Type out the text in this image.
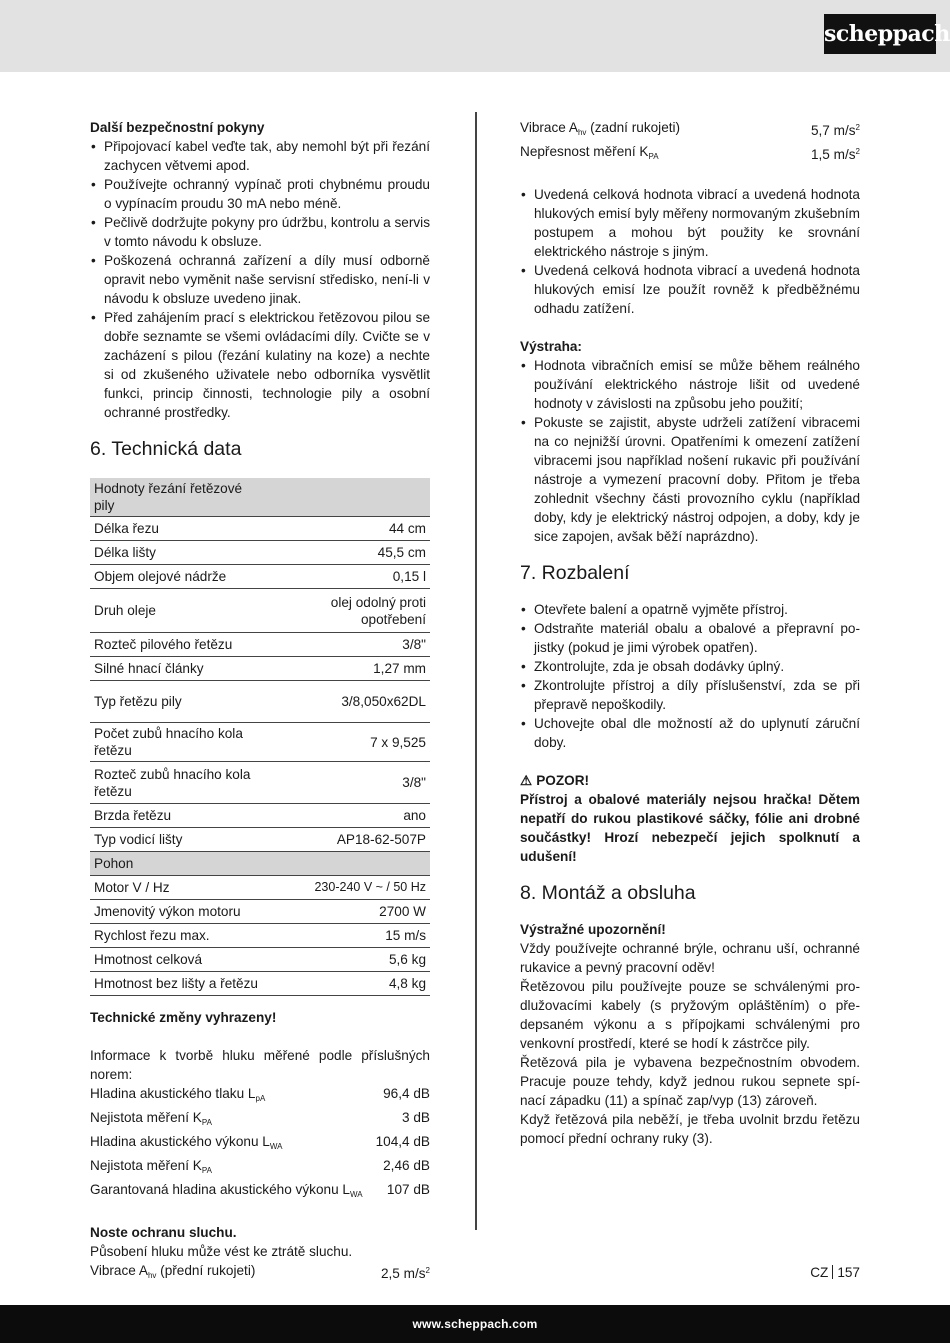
scheppach

Další bezpečnostní pokyny

• Připojovací kabel veďte tak, aby nemohl být při řezání zachycen větvemi apod.
• Používejte ochranný vypínač proti chybnému proudu o vypínacím proudu 30 mA nebo méně.
• Pečlivě dodržujte pokyny pro údržbu, kontrolu a servis v tomto návodu k obsluze.
• Poškozená ochranná zařízení a díly musí odborně opravit nebo vyměnit naše servisní středisko, není-li v návodu k obsluze uvedeno jinak.
• Před zahájením prací s elektrickou řetězovou pilou se dobře seznamte se všemi ovládacími díly. Cvičte se v zacházení s pilou (řezání kulatiny na koze) a nechte si od zkušeného uživatele nebo odborníka vysvětlit funkci, princip činnosti, technologie pily a osobní ochranné prostředky.
6. Technická data
Hodnoty řezání řetězové pily	
Délka řezu	44 cm
Délka lišty	45,5 cm
Objem olejové nádrže	0,15 l
Druh oleje	olej odolný proti opotřebení
Rozteč pilového řetězu	3/8"
Silné hnací články	1,27 mm
Typ řetězu pily	3/8,050x62DL
Počet zubů hnacího kola řetězu	7 x 9,525
Rozteč zubů hnacího kola řetězu	3/8"
Brzda řetězu	ano
Typ vodicí lišty	AP18-62-507P
Pohon	
Motor V / Hz	230-240 V ~ / 50 Hz
Jmenovitý výkon motoru	2700 W
Rychlost řezu max.	15 m/s
Hmotnost celková	5,6 kg
Hmotnost bez lišty a řetězu	4,8 kg

Technické změny vyhrazeny!

Informace k tvorbě hluku měřené podle příslušných norem:

Hladina akustického tlaku $L_{pA}$	96,4 dB
Nejistota měření $K_{PA}$	3 dB
Hladina akustického výkonu $L_{WA}$	104,4 dB
Nejistota měření $K_{PA}$	2,46 dB
Garantovaná hladina akustického výkonu $L_{WA}$ 107 dB

Noste ochranu sluchu.

Působení hluku může vést ke ztrátě sluchu.

Vibrace $A_{hv}$ (přední rukojeti)	2,5 $m/s^2$
Vibrace $A_{hv}$ (zadní rukojeti)	5,7 $m/s^2$
Nepřesnost měření $K_{PA}$	1,5 $m/s^2$
• Uvedená celková hodnota vibrací a uvedená hodnota hlukových emisí byly měřeny normovaným zkušebním postupem a mohou být použity ke srovnání elektrického nástroje s jiným.
• Uvedená celková hodnota vibrací a uvedená hodnota hlukových emisí lze použít rovněž k předběžnému odhadu zatížení.

Výstraha:

• Hodnota vibračních emisí se může během reálného používání elektrického nástroje lišit od uvedené hodnoty v závislosti na způsobu jeho použití;
• Pokuste se zajistit, abyste udrželi zatížení vibracemi na co nejnižší úrovni. Opatřeními k omezení zatížení vibracemi jsou například nošení rukavic při používání nástroje a vymezení pracovní doby. Přitom je třeba zohlednit všechny části provozního cyklu (například doby, kdy je elektrický nástroj odpojen, a doby, kdy je sice zapojen, avšak běží naprázdno).
7. Rozbalení
• Otevřete balení a opatrně vyjměte přístroj.
• Odstraňte materiál obalu a obalové a přepravní pojistky (pokud je jimi výrobek opatřen).
• Zkontrolujte, zda je obsah dodávky úplný.
• Zkontrolujte přístroj a díly příslušenství, zda se při přepravě nepoškodily.
• Uchovejte obal dle možností až do uplynutí záruční doby.

⚠ POZOR!

Přístroj a obalové materiály nejsou hračka! Dětem nepatří do rukou plastikové sáčky, fólie ani drobné součástky! Hrozí nebezpečí jejich spolknutí a udušení!

8. Montáž a obsluha

Výstražné upozornění!

Vždy používejte ochranné brýle, ochranu uší, ochranné rukavice a pevný pracovní oděv!

Řetězovou pilu používejte pouze se schválenými prodlužovacími kabely (s pryžovým opláštěním) o předepsaném výkonu a s přípojkami schválenými pro venkovní prostředí, které se hodí k zástrčce pily.

Řetězová pila je vybavena bezpečnostním obvodem. Pracuje pouze tehdy, když jednou rukou sepnete spínací západku (11) a spínač zap/vyp (13) zároveň.

Když řetězová pila neběží, je třeba uvolnit brzdu řetězu pomocí přední ochrany ruky (3).

CZ 157
www.scheppach.com
